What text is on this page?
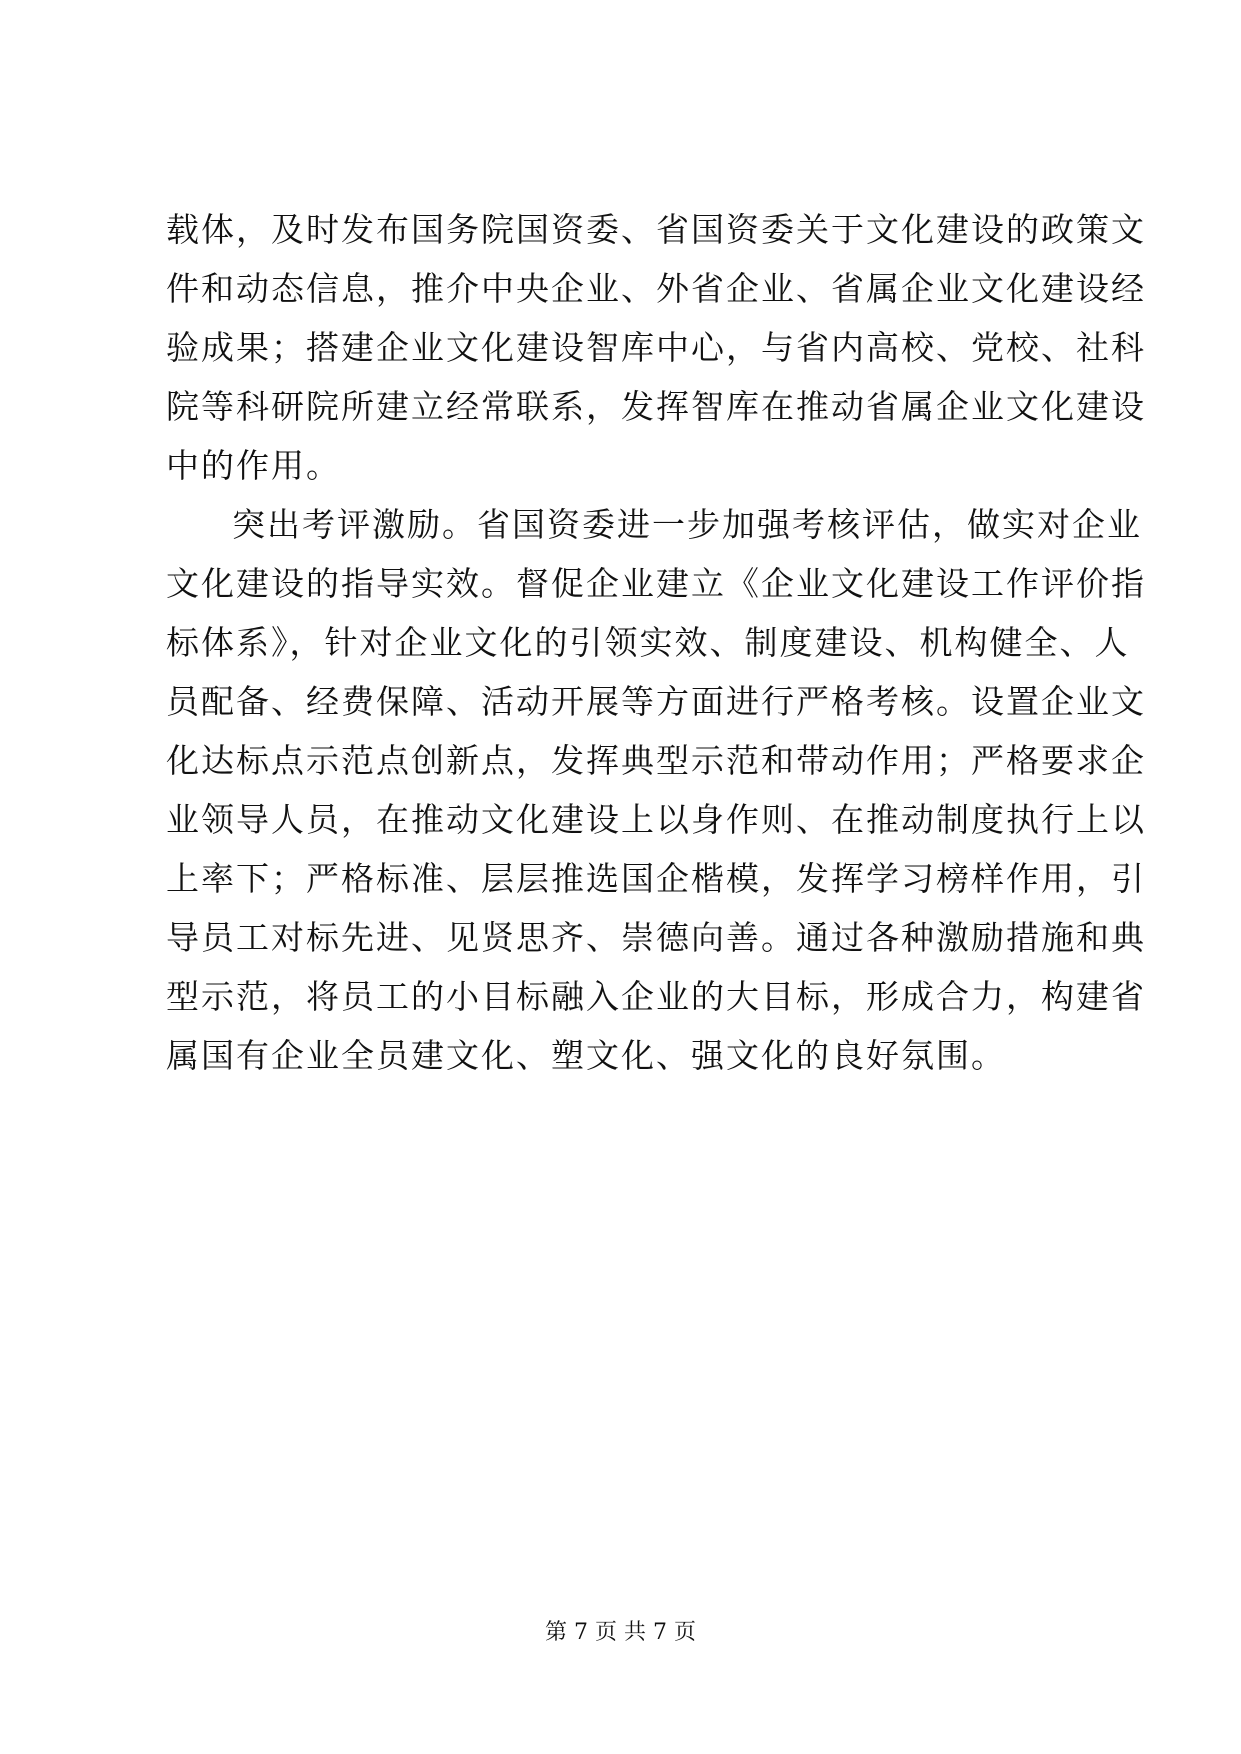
载体，及时发布国务院国资委、省国资委关于文化建设的政策文
件和动态信息，推介中央企业、外省企业、省属企业文化建设经
验成果；搭建企业文化建设智库中心，与省内高校、党校、社科
院等科研院所建立经常联系，发挥智库在推动省属企业文化建设
中的作用。
突出考评激励。省国资委进一步加强考核评估，做实对企业
文化建设的指导实效。督促企业建立《企业文化建设工作评价指
标体系》，针对企业文化的引领实效、制度建设、机构健全、人
员配备、经费保障、活动开展等方面进行严格考核。设置企业文
化达标点示范点创新点，发挥典型示范和带动作用；严格要求企
业领导人员，在推动文化建设上以身作则、在推动制度执行上以
上率下；严格标准、层层推选国企楷模，发挥学习榜样作用，引
导员工对标先进、见贤思齐、崇德向善。通过各种激励措施和典
型示范，将员工的小目标融入企业的大目标，形成合力，构建省
属国有企业全员建文化、塑文化、强文化的良好氛围。
第 7 页 共 7 页
